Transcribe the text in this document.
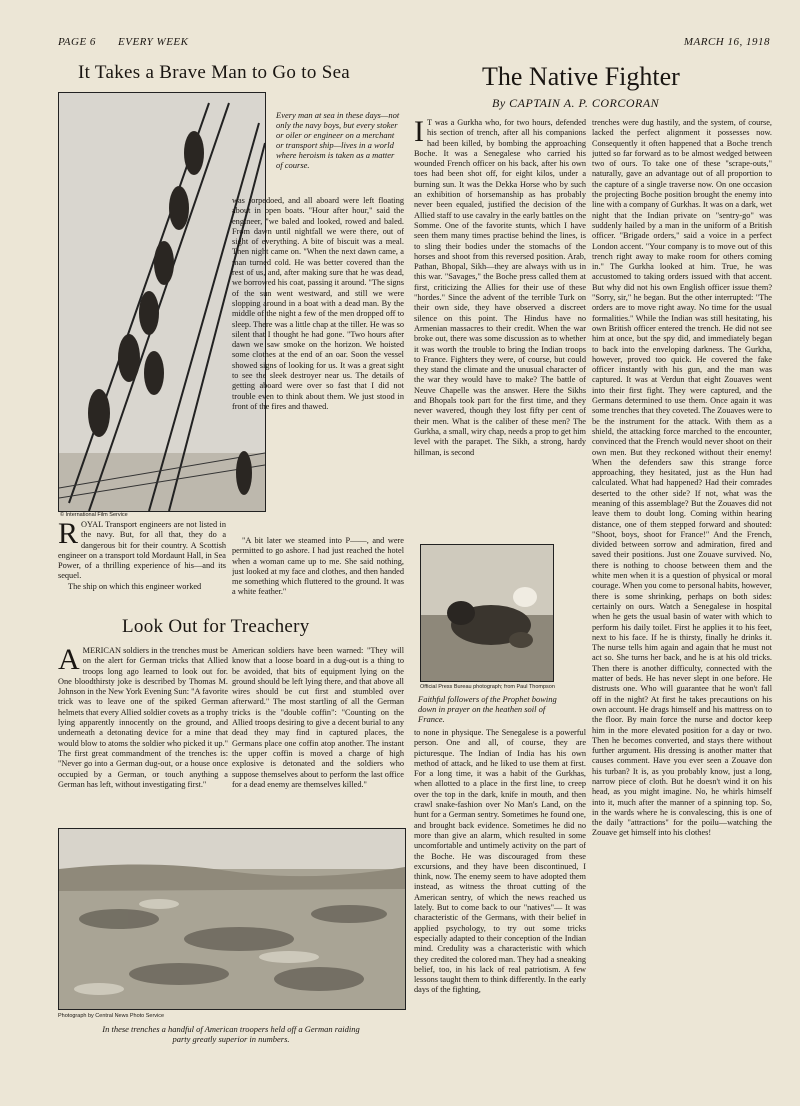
PAGE 6 EVERY WEEK	MARCH 16, 1918
It Takes a Brave Man to Go to Sea
© International Film Service
Every man at sea in these days—not only the navy boys, but every stoker or oiler or engineer on a merchant or transport ship—lives in a world where heroism is taken as a matter of course.
R OYAL Transport engineers are not listed in the navy. But, for all that, they do a dangerous bit for their country. A Scottish engineer on a transport told Mordaunt Hall, in Sea Power, of a thrilling experience of his—and its sequel.

The ship on which this engineer worked

was torpedoed, and all aboard were left floating about in open boats. "Hour after hour," said the engineer, "we baled and looked, rowed and baled. From dawn until nightfall we were there, out of sight of everything. A bite of biscuit was a meal. Then night came on. "When the next dawn came, a man turned cold. He was better covered than the rest of us, and, after making sure that he was dead, we borrowed his coat, passing it around. "The signs of the sun went westward, and still we were slopping around in a boat with a dead man. By the middle of the night a few of the men dropped off to sleep. There was a little chap at the tiller. He was so silent that I thought he had gone. "Two hours after dawn we saw smoke on the horizon. We hoisted some clothes at the end of an oar. Soon the vessel showed signs of looking for us. It was a great sight to see the sleek destroyer near us. The details of getting aboard were over so fast that I did not trouble even to think about them. We just stood in front of the fires and thawed.

"A bit later we steamed into P——, and were permitted to go ashore. I had just reached the hotel when a woman came up to me. She said nothing, just looked at my face and clothes, and then handed me something which fluttered to the ground. It was a white feather."

Look Out for Treachery
A MERICAN soldiers in the trenches must be on the alert for German tricks that Allied troops long ago learned to look out for. One bloodthirsty joke is described by Thomas M. Johnson in the New York Evening Sun: "A favorite trick was to leave one of the spiked German helmets that every Allied soldier covets as a trophy lying apparently innocently on the ground, and underneath a detonating device for a mine that would blow to atoms the soldier who picked it up." The first great commandment of the trenches is: "Never go into a German dug-out, or a house once occupied by a German, or touch anything a German has left, without investigating first."

American soldiers have been warned: "They will know that a loose board in a dug-out is a thing to be avoided, that bits of equipment lying on the ground should be left lying there, and that above all wires should be cut first and stumbled over afterward." The most startling of all the German tricks is the "double coffin": "Counting on the Allied troops desiring to give a decent burial to any dead they may find in captured places, the Germans place one coffin atop another. The instant the upper coffin is moved a charge of high explosive is detonated and the soldiers who suppose themselves about to perform the last office for a dead enemy are themselves killed."

Photograph by Central News Photo Service
In these trenches a handful of American troopers held off a German raiding party greatly superior in numbers.
The Native Fighter
By CAPTAIN A. P. CORCORAN
I T was a Gurkha who, for two hours, defended his section of trench, after all his companions had been killed, by bombing the approaching Boche. It was a Senegalese who carried his wounded French officer on his back, after his own toes had been shot off, for eight kilos, under a burning sun. It was the Dekka Horse who by such an exhibition of horsemanship as has probably never been equaled, justified the decision of the Allied staff to use cavalry in the early battles on the Somme. One of the favorite stunts, which I have seen them many times practise behind the lines, is to sling their bodies under the stomachs of the horses and shoot from this reversed position. Arab, Pathan, Bhopal, Sikh—they are always with us in this war. "Savages," the Boche press called them at first, criticizing the Allies for their use of these "hordes." Since the advent of the terrible Turk on their own side, they have observed a discreet silence on this point. The Hindus have no Armenian massacres to their credit. When the war broke out, there was some discussion as to whether it was worth the trouble to bring the Indian troops to France. Fighters they were, of course, but could they stand the climate and the unusual character of the war they would have to make? The battle of Neuve Chapelle was the answer. Here the Sikhs and Bhopals took part for the first time, and they never wavered, though they lost fifty per cent of their men. What is the caliber of these men? The Gurkha, a small, wiry chap, needs a prop to get him level with the parapet. The Sikh, a strong, hardy hillman, is second

Official Press Bureau photograph; from Paul Thompson
Faithful followers of the Prophet bowing down in prayer on the heathen soil of France.

to none in physique. The Senegalese is a powerful person. One and all, of course, they are picturesque. The Indian of India has his own method of attack, and he liked to use them at first. For a long time, it was a habit of the Gurkhas, when allotted to a place in the first line, to creep over the top in the dark, knife in mouth, and then crawl snake-fashion over No Man's Land, on the hunt for a German sentry. Sometimes he found one, and brought back evidence. Sometimes he did no more than give an alarm, which resulted in some uncomfortable and untimely activity on the part of the Boche. He was discouraged from these excursions, and they have been discontinued, I think, now. The enemy seem to have adopted them instead, as witness the throat cutting of the American sentry, of which the news reached us lately. But to come back to our "natives"— It was characteristic of the Germans, with their belief in applied psychology, to try out some tricks especially adapted to their conception of the Indian mind. Credulity was a characteristic with which they credited the colored man. They had a sneaking belief, too, in his lack of real patriotism. A few lessons taught them to think differently. In the early days of the fighting,

trenches were dug hastily, and the system, of course, lacked the perfect alignment it possesses now. Consequently it often happened that a Boche trench jutted so far forward as to be almost wedged between two of ours. To take one of these "scrape-outs," naturally, gave an advantage out of all proportion to the capture of a single traverse now. On one occasion the projecting Boche position brought the enemy into line with a company of Gurkhas. It was on a dark, wet night that the Indian private on "sentry-go" was suddenly hailed by a man in the uniform of a British officer. "Brigade orders," said a voice in a perfect London accent. "Your company is to move out of this trench right away to make room for others coming in." The Gurkha looked at him. True, he was accustomed to taking orders issued with that accent. But why did not his own English officer issue them? "Sorry, sir," he began. But the other interrupted: "The orders are to move right away. No time for the usual formalities." While the Indian was still hesitating, his own British officer entered the trench. He did not see him at once, but the spy did, and immediately began to back into the enveloping darkness. The Gurkha, however, proved too quick. He covered the fake officer instantly with his gun, and the man was captured. It was at Verdun that eight Zouaves went into their first fight. They were captured, and the Germans determined to use them. Once again it was some trenches that they coveted. The Zouaves were to be the instrument for the attack. With them as a shield, the attacking force marched to the encounter, convinced that the French would never shoot on their own men. But they reckoned without their enemy! When the defenders saw this strange force approaching, they hesitated, just as the Hun had calculated. What had happened? Had their comrades deserted to the other side? If not, what was the meaning of this assemblage? But the Zouaves did not leave them to doubt long. Coming within hearing distance, one of them stepped forward and shouted: "Shoot, boys, shoot for France!" And the French, divided between sorrow and admiration, fired and saved their positions. Just one Zouave survived. No, there is nothing to choose between them and the white men when it is a question of physical or moral courage. When you come to personal habits, however, there is some shrinking, perhaps on both sides: certainly on ours. Watch a Senegalese in hospital when he gets the usual basin of water with which to perform his daily toilet. First he applies it to his feet, next to his face. If he is thirsty, finally he drinks it. The nurse tells him again and again that he must not act so. She turns her back, and he is at his old tricks. Then there is another difficulty, connected with the matter of beds. He has never slept in one before. He distrusts one. Who will guarantee that he won't fall off in the night? At first he takes precautions on his own account. He drags himself and his mattress on to the floor. By main force the nurse and doctor keep him in the more elevated position for a day or two. Then he becomes converted, and stays there without further argument. His dressing is another matter that causes comment. Have you ever seen a Zouave don his turban? It is, as you probably know, just a long, narrow piece of cloth. But he doesn't wind it on his head, as you might imagine. No, he whirls himself into it, much after the manner of a spinning top. So, in the wards where he is convalescing, this is one of the daily "attractions" for the poilu—watching the Zouave get himself into his clothes!
